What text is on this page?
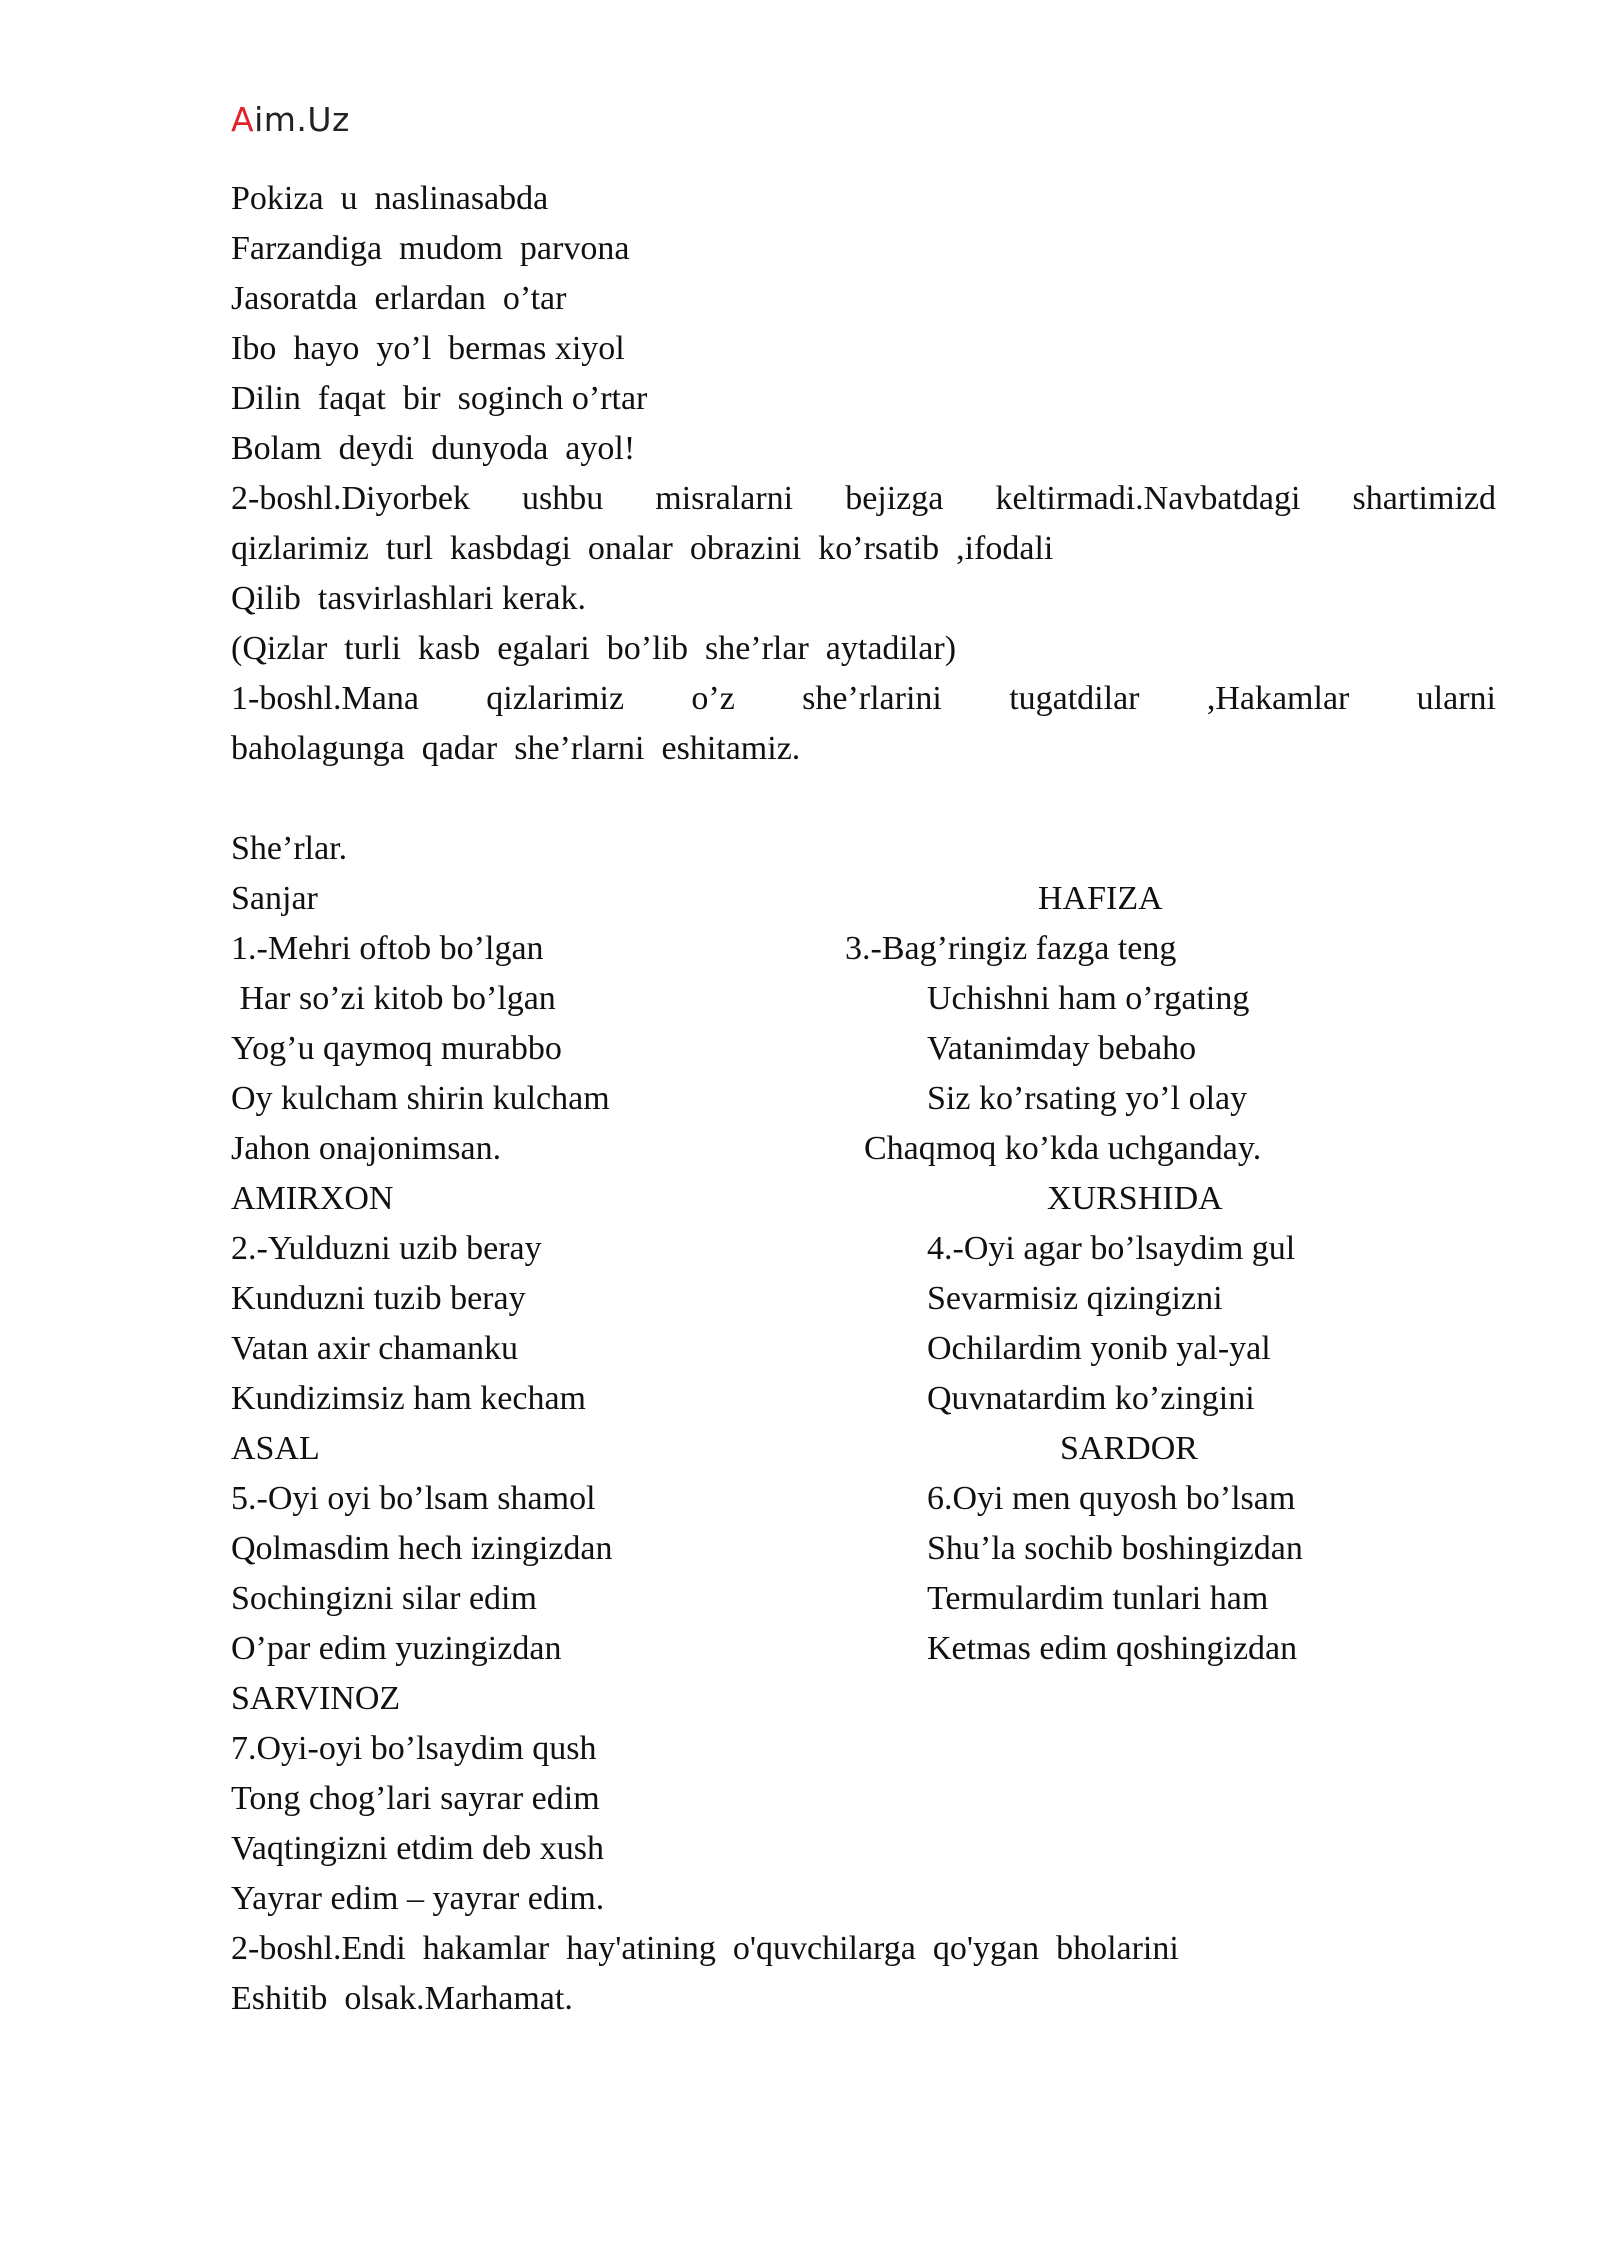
Aim.Uz
Pokiza  u  naslinasabda
Farzandiga  mudom  parvona
Jasoratda  erlardan  o’tar
Ibo  hayo  yo’l  bermas xiyol
Dilin  faqat  bir  soginch o’rtar
Bolam  deydi  dunyoda  ayol!
2-boshl.Diyorbek ushbu misralarni bejizga keltirmadi.Navbatdagi shartimizd
qizlarimiz  turl  kasbdagi  onalar  obrazini  ko’rsatib  ,ifodali
Qilib  tasvirlashlari kerak.
(Qizlar  turli  kasb  egalari  bo’lib  she’rlar  aytadilar)
1-boshl.Mana qizlarimiz o’z she’rlarini tugatdilar ,Hakamlar ularni
baholagunga  qadar  she’rlarni  eshitamiz.
She’rlar.
Sanjar	HAFIZA
1.-Mehri oftob bo’lgan	3.-Bag’ringiz fazga teng
Har so’zi kitob bo’lgan	Uchishni ham o’rgating
Yog’u qaymoq murabbo	Vatanimday bebaho
Oy kulcham shirin kulcham	Siz ko’rsating yo’l olay
Jahon onajonimsan.	Chaqmoq ko’kda uchganday.
AMIRXON	XURSHIDA
2.-Yulduzni uzib beray	4.-Oyi agar bo’lsaydim gul
Kunduzni tuzib beray	Sevarmisiz qizingizni
Vatan axir chamanku	Ochilardim yonib yal-yal
Kundizimsiz ham kecham	Quvnatardim ko’zingini
ASAL	SARDOR
5.-Oyi oyi bo’lsam shamol	6.Oyi men quyosh bo’lsam
Qolmasdim hech izingizdan	Shu’la sochib boshingizdan
Sochingizni silar edim	Termulardim tunlari ham
O’par edim yuzingizdan	Ketmas edim qoshingizdan
SARVINOZ
7.Oyi-oyi bo’lsaydim qush
Tong chog’lari sayrar edim
Vaqtingizni etdim deb xush
Yayrar edim – yayrar edim.
2-boshl.Endi  hakamlar  hay'atining  o'quvchilarga  qo'ygan  bholarini
Eshitib  olsak.Marhamat.
